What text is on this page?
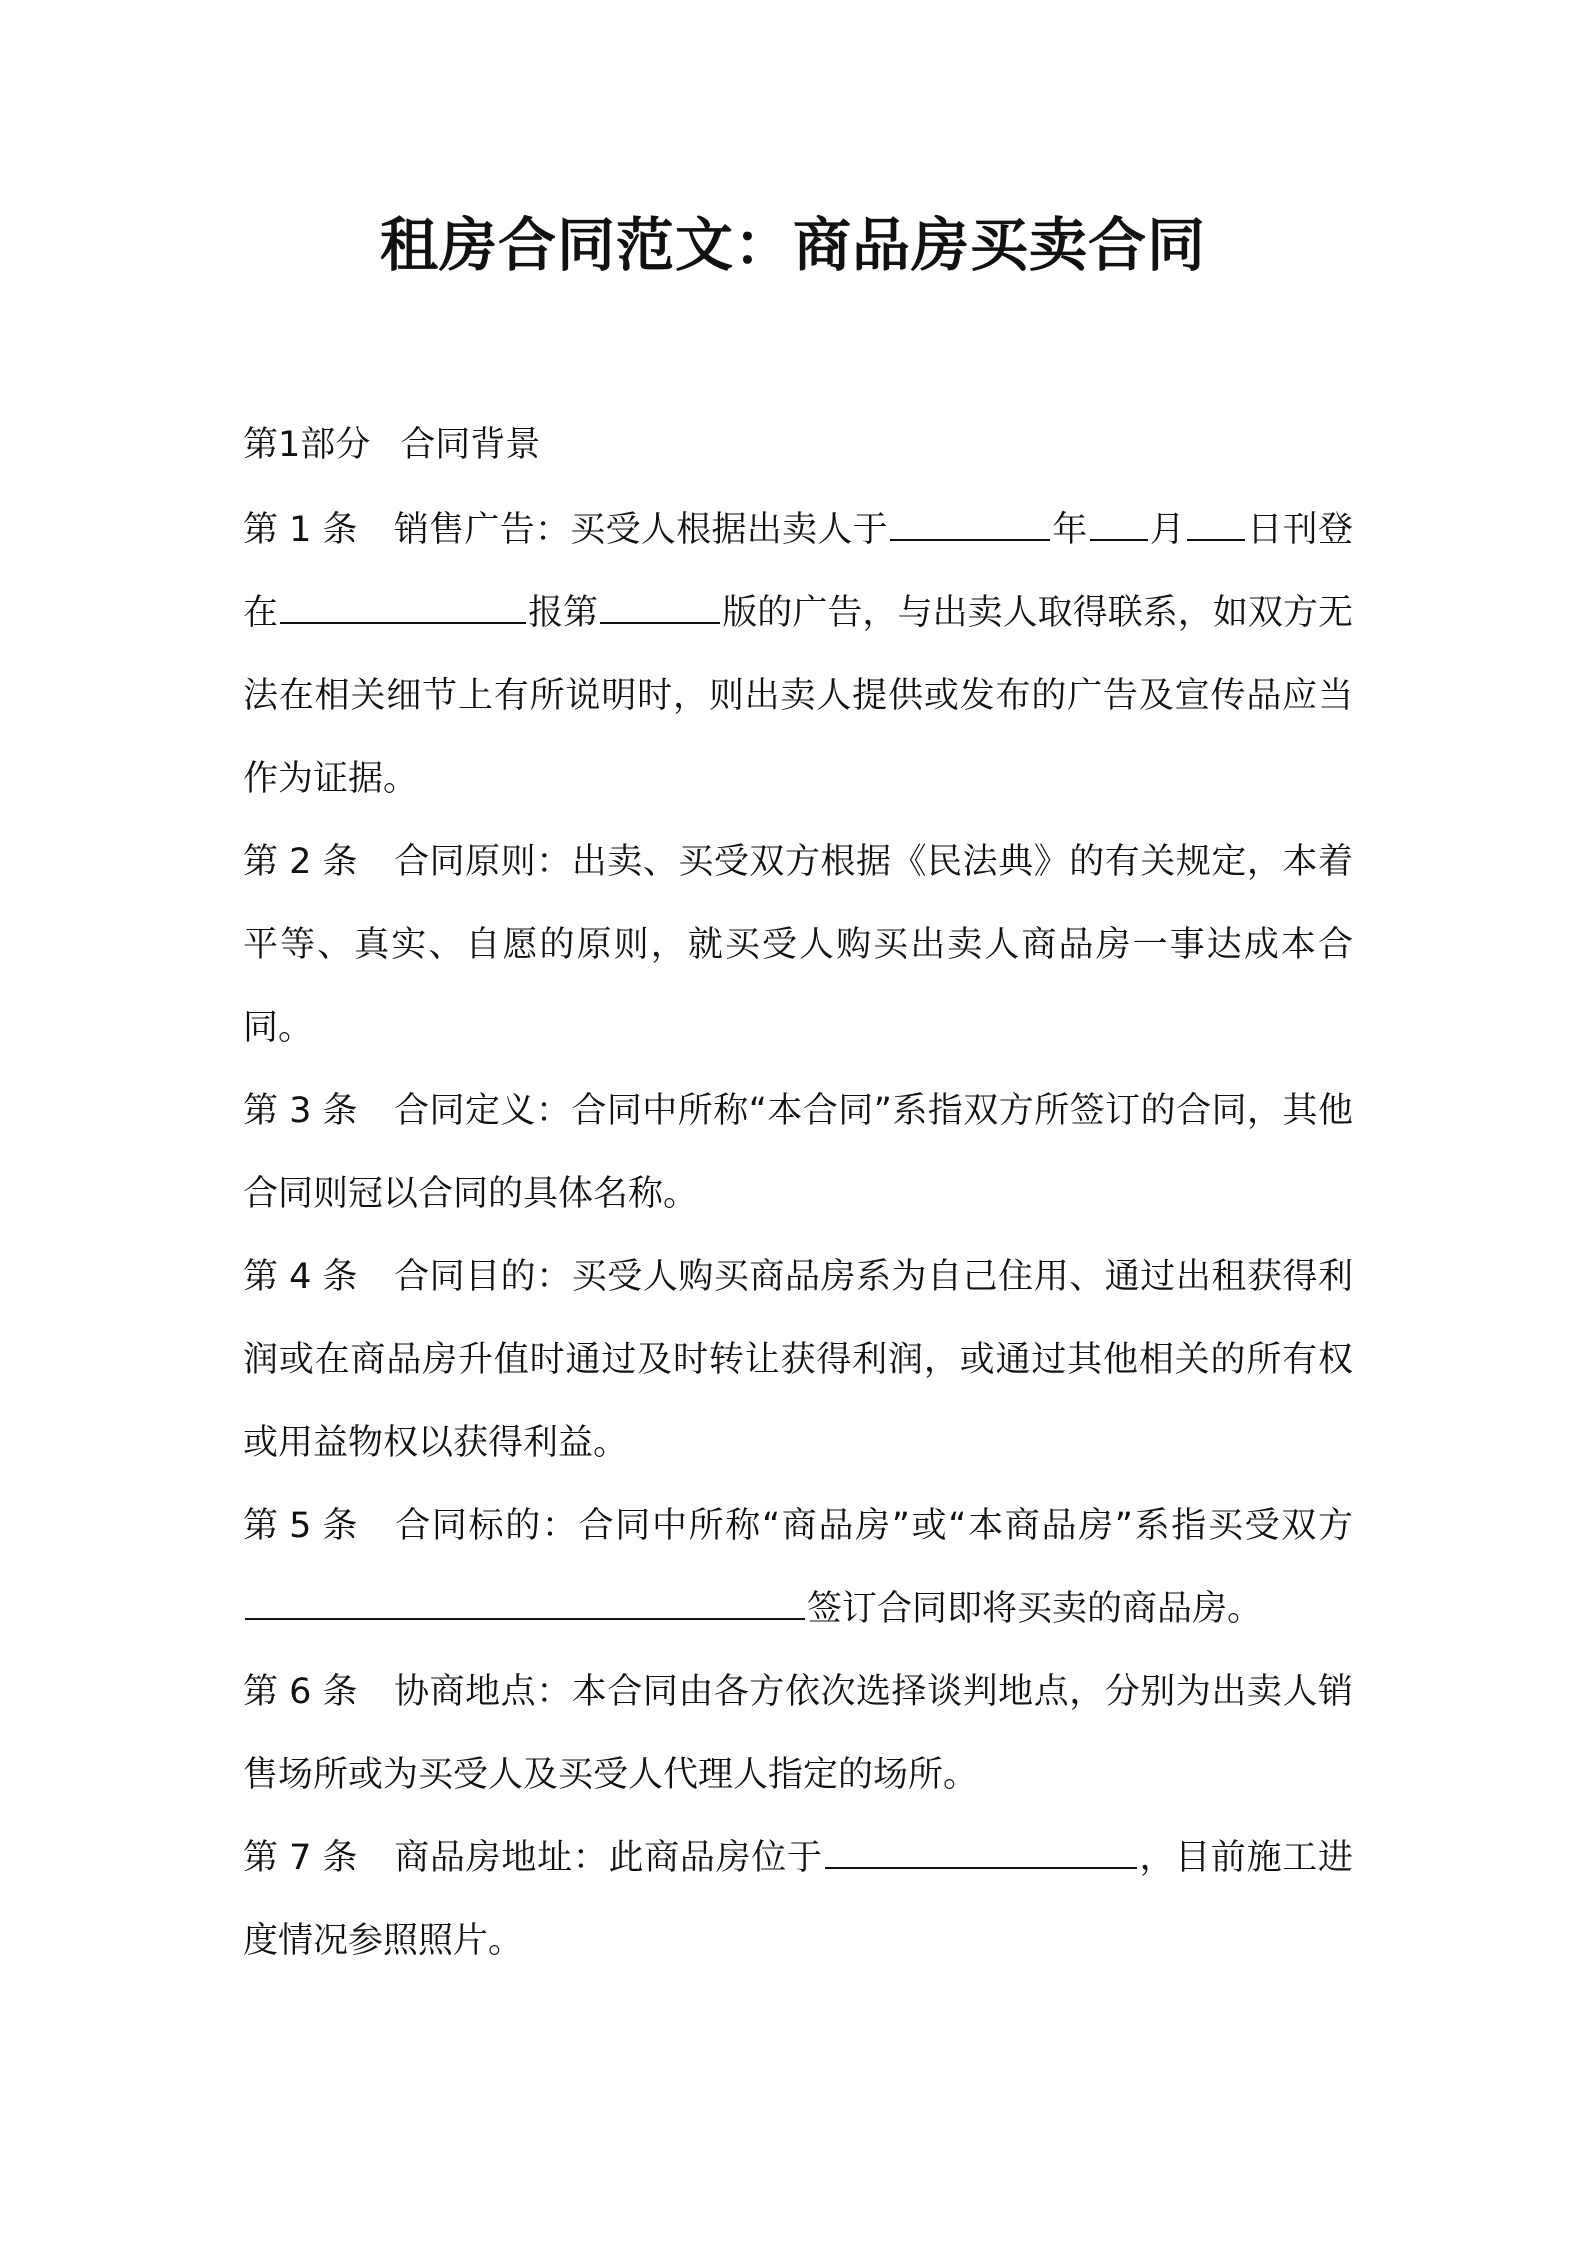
租房合同范文：商品房买卖合同

第1部分 合同背景

第 1 条 销售广告：买受人根据出卖人于	年 月 日刊登在	报第	版的广告，与出卖人取得联系，如双方无法在相关细节上有所说明时，则出卖人提供或发布的广告及宣传品应当作为证据。

第 2 条 合同原则：出卖、买受双方根据《民法典》的有关规定，本着平等、真实、自愿的原则，就买受人购买出卖人商品房一事达成本合同。

第 3 条 合同定义：合同中所称“本合同”系指双方所签订的合同，其他合同则冠以合同的具体名称。

第 4 条 合同目的：买受人购买商品房系为自己住用、通过出租获得利润或在商品房升值时通过及时转让获得利润，或通过其他相关的所有权或用益物权以获得利益。

第 5 条 合同标的：合同中所称“商品房”或“本商品房”系指买受双方签订合同即将买卖的商品房。

第 6 条 协商地点：本合同由各方依次选择谈判地点，分别为出卖人销售场所或为买受人及买受人代理人指定的场所。

第 7 条 商品房地址：此商品房位于	，目前施工进度情况参照照片。
